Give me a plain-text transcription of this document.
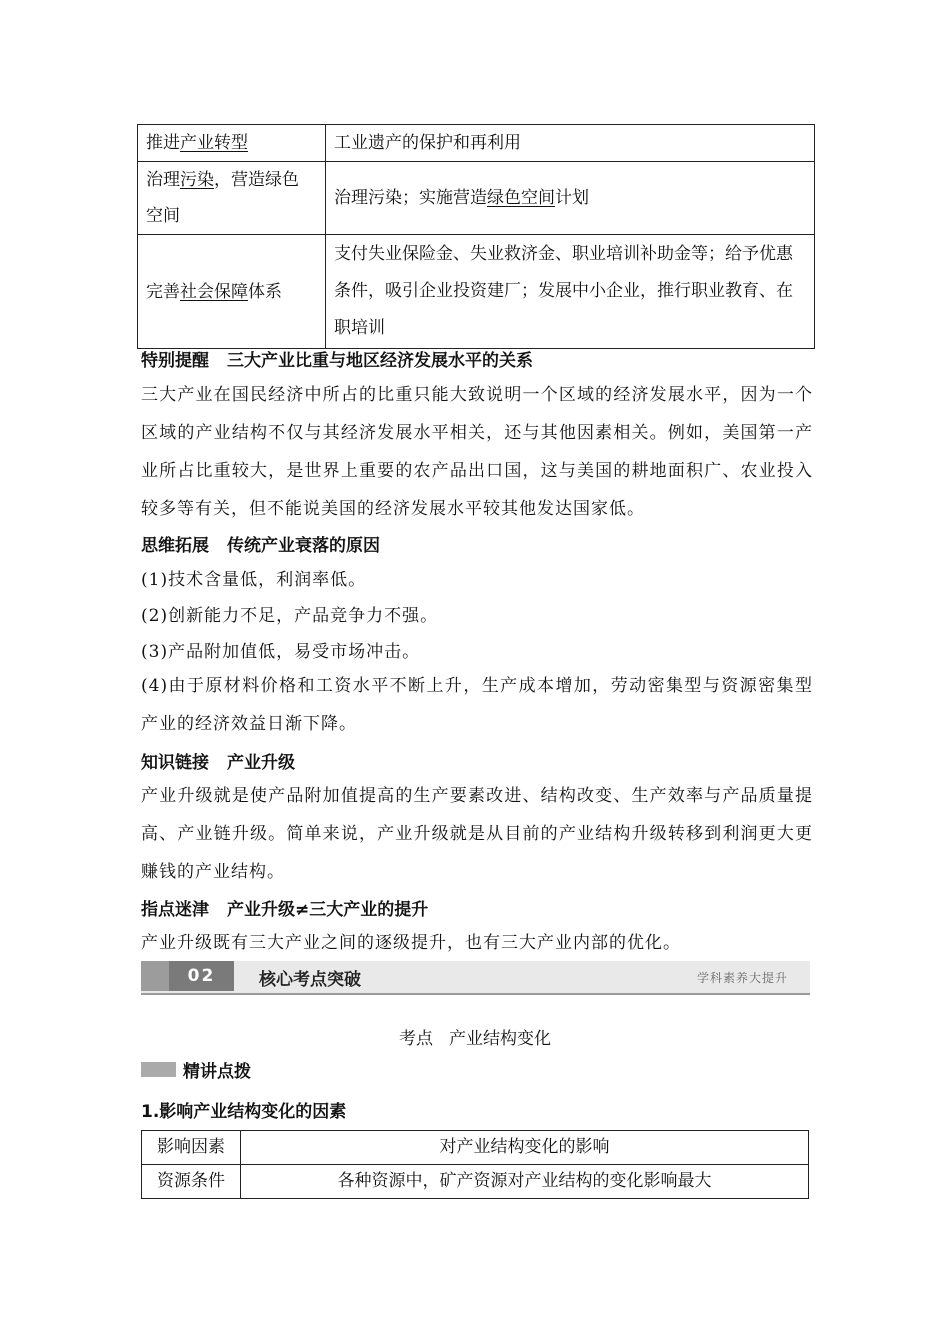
推进产业转型	工业遗产的保护和再利用
治理污染，营造绿色
空间	治理污染；实施营造绿色空间计划
完善社会保障体系	支付失业保险金、失业救济金、职业培训补助金等；给予优惠条件，吸引企业投资建厂；发展中小企业，推行职业教育、在职培训
特别提醒 三大产业比重与地区经济发展水平的关系
三大产业在国民经济中所占的比重只能大致说明一个区域的经济发展水平，因为一个区域的产业结构不仅与其经济发展水平相关，还与其他因素相关。例如，美国第一产业所占比重较大，是世界上重要的农产品出口国，这与美国的耕地面积广、农业投入较多等有关，但不能说美国的经济发展水平较其他发达国家低。
思维拓展 传统产业衰落的原因
(1)技术含量低，利润率低。
(2)创新能力不足，产品竞争力不强。
(3)产品附加值低，易受市场冲击。
(4)由于原材料价格和工资水平不断上升，生产成本增加，劳动密集型与资源密集型产业的经济效益日渐下降。
知识链接 产业升级
产业升级就是使产品附加值提高的生产要素改进、结构改变、生产效率与产品质量提高、产业链升级。简单来说，产业升级就是从目前的产业结构升级转移到利润更大更赚钱的产业结构。
指点迷津 产业升级≠三大产业的提升
产业升级既有三大产业之间的逐级提升，也有三大产业内部的优化。
02	核心考点突破	学科素养大提升
考点 产业结构变化
精讲点拨
1.影响产业结构变化的因素
影响因素	对产业结构变化的影响
资源条件	各种资源中，矿产资源对产业结构的变化影响最大
